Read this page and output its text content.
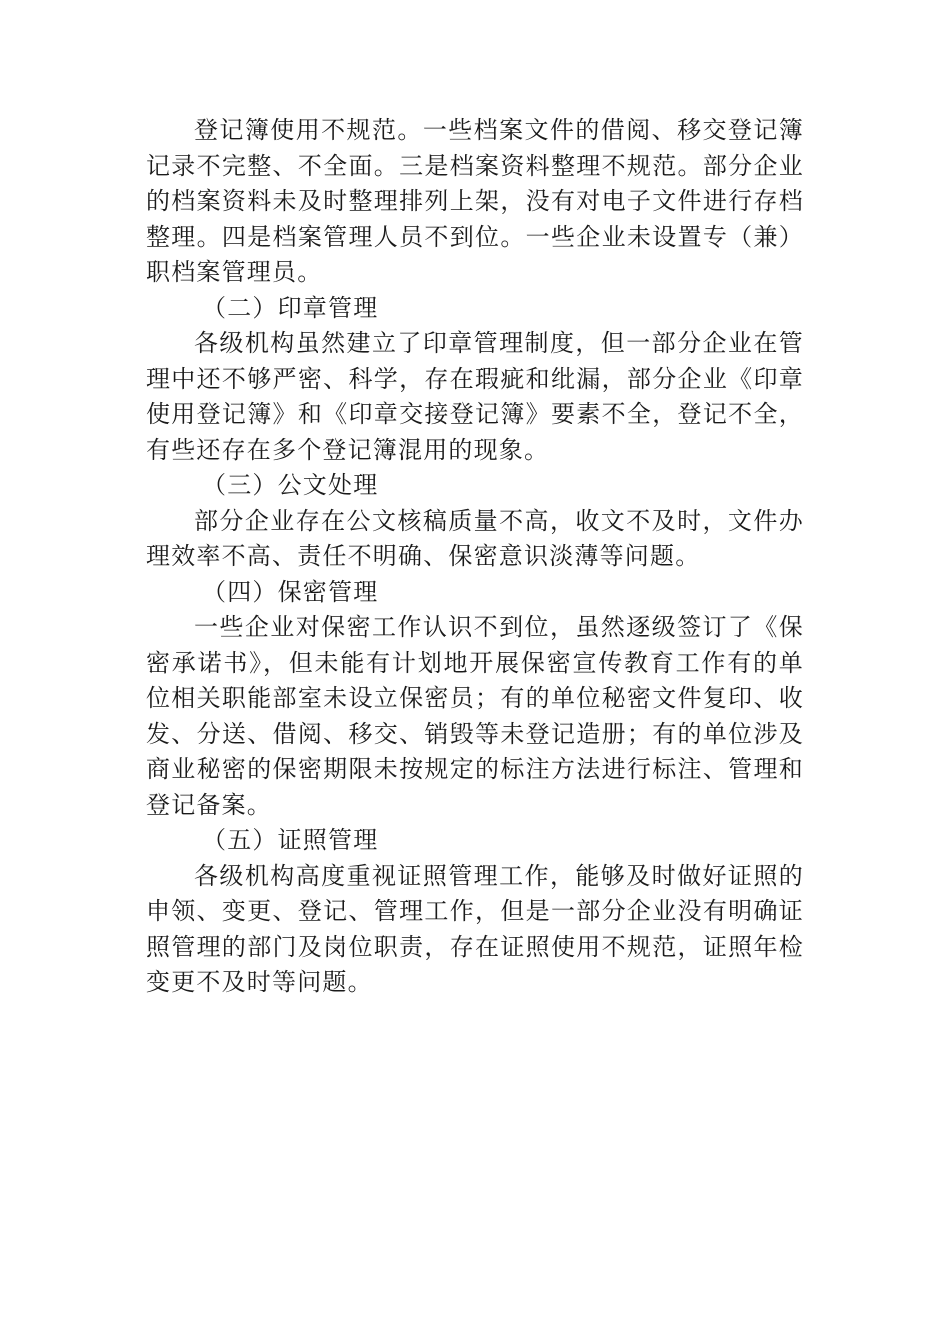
登记簿使用不规范。一些档案文件的借阅、移交登记簿记录不完整、不全面。三是档案资料整理不规范。部分企业的档案资料未及时整理排列上架，没有对电子文件进行存档整理。四是档案管理人员不到位。一些企业未设置专（兼）职档案管理员。

（二）印章管理

各级机构虽然建立了印章管理制度，但一部分企业在管理中还不够严密、科学，存在瑕疵和纰漏，部分企业《印章使用登记簿》和《印章交接登记簿》要素不全，登记不全，有些还存在多个登记簿混用的现象。

（三）公文处理

部分企业存在公文核稿质量不高，收文不及时，文件办理效率不高、责任不明确、保密意识淡薄等问题。

（四）保密管理

一些企业对保密工作认识不到位，虽然逐级签订了《保密承诺书》，但未能有计划地开展保密宣传教育工作有的单位相关职能部室未设立保密员；有的单位秘密文件复印、收发、分送、借阅、移交、销毁等未登记造册；有的单位涉及商业秘密的保密期限未按规定的标注方法进行标注、管理和登记备案。

（五）证照管理

各级机构高度重视证照管理工作，能够及时做好证照的申领、变更、登记、管理工作，但是一部分企业没有明确证照管理的部门及岗位职责，存在证照使用不规范，证照年检变更不及时等问题。
